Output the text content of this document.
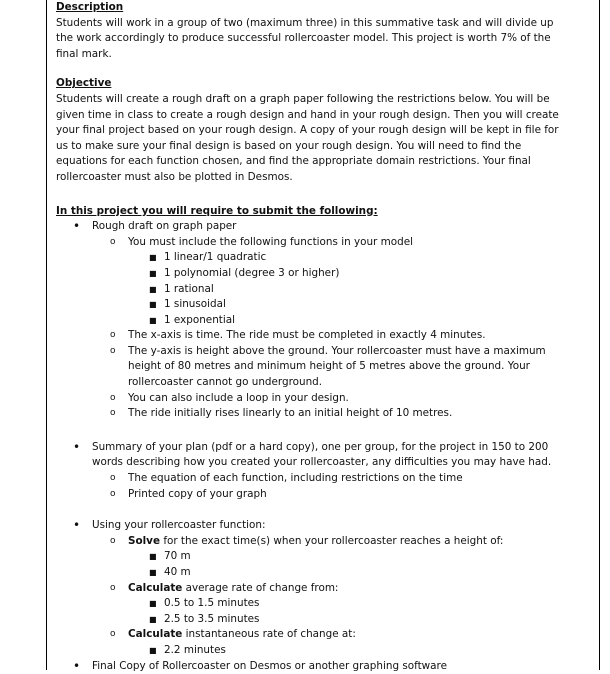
Description

Students will work in a group of two (maximum three) in this summative task and will divide up the work accordingly to produce successful rollercoaster model. This project is worth 7% of the final mark.

Objective

Students will create a rough draft on a graph paper following the restrictions below. You will be given time in class to create a rough design and hand in your rough design. Then you will create your final project based on your rough design. A copy of your rough design will be kept in file for us to make sure your final design is based on your rough design. You will need to find the equations for each function chosen, and find the appropriate domain restrictions. Your final rollercoaster must also be plotted in Desmos.

In this project you will require to submit the following:

• Rough draft on graph paper
o You must include the following functions in your model
■ 1 linear/1 quadratic
■ 1 polynomial (degree 3 or higher)
■ 1 rational
■ 1 sinusoidal
■ 1 exponential
o The x-axis is time. The ride must be completed in exactly 4 minutes.
o The y-axis is height above the ground. Your rollercoaster must have a maximum height of 80 metres and minimum height of 5 metres above the ground. Your rollercoaster cannot go underground.
o You can also include a loop in your design.
o The ride initially rises linearly to an initial height of 10 metres.
• Summary of your plan (pdf or a hard copy), one per group, for the project in 150 to 200 words describing how you created your rollercoaster, any difficulties you may have had.
o The equation of each function, including restrictions on the time
o Printed copy of your graph
• Using your rollercoaster function:
o Solve for the exact time(s) when your rollercoaster reaches a height of:
■ 70 m
■ 40 m
o Calculate average rate of change from:
■ 0.5 to 1.5 minutes
■ 2.5 to 3.5 minutes
o Calculate instantaneous rate of change at:
■ 2.2 minutes
• Final Copy of Rollercoaster on Desmos or another graphing software
